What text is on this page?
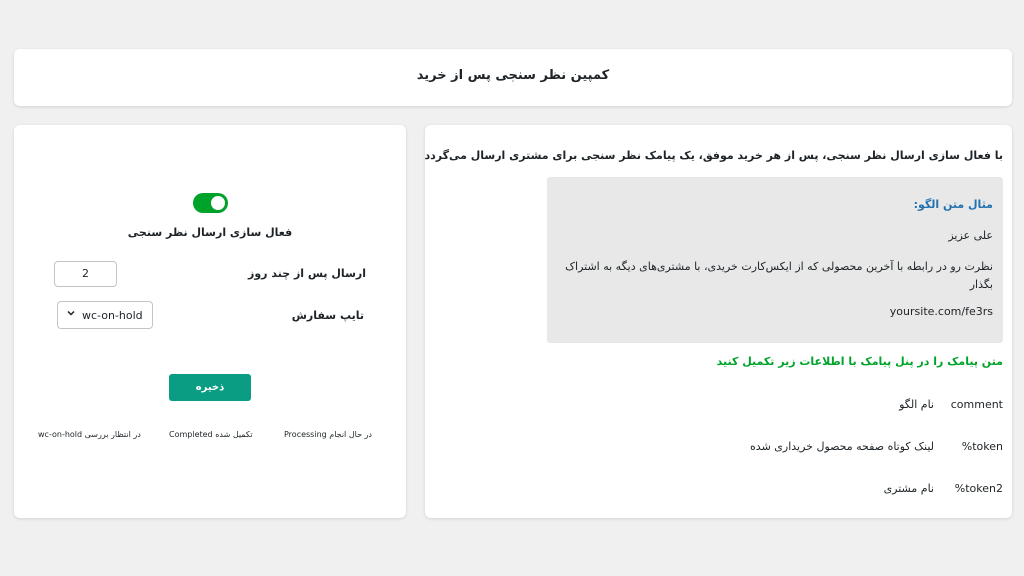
کمپین نظر سنجی پس از خرید
فعال سازی ارسال نظر سنجی
ارسال پس از چند روز
2
تایپ سفارش
wc-on-hold
ذخیره
Processing در حال انجام
Completed تکمیل شده
wc-on-hold در انتظار بررسی
با فعال سازی ارسال نظر سنجی، پس از هر خرید موفق، یک پیامک نظر سنجی برای مشتری ارسال می‌گردد
مثال متن الگو:
علی عزیز
نظرت رو در رابطه با آخرین محصولی که از ایکس‌کارت خریدی، با مشتری‌های دیگه به اشتراک بگذار
yoursite.com/fe3rs
متن پیامک را در پنل پیامک با اطلاعات زیر تکمیل کنید
comment
نام الگو
%token
لینک کوتاه صفحه محصول خریداری شده
%token2
نام مشتری
